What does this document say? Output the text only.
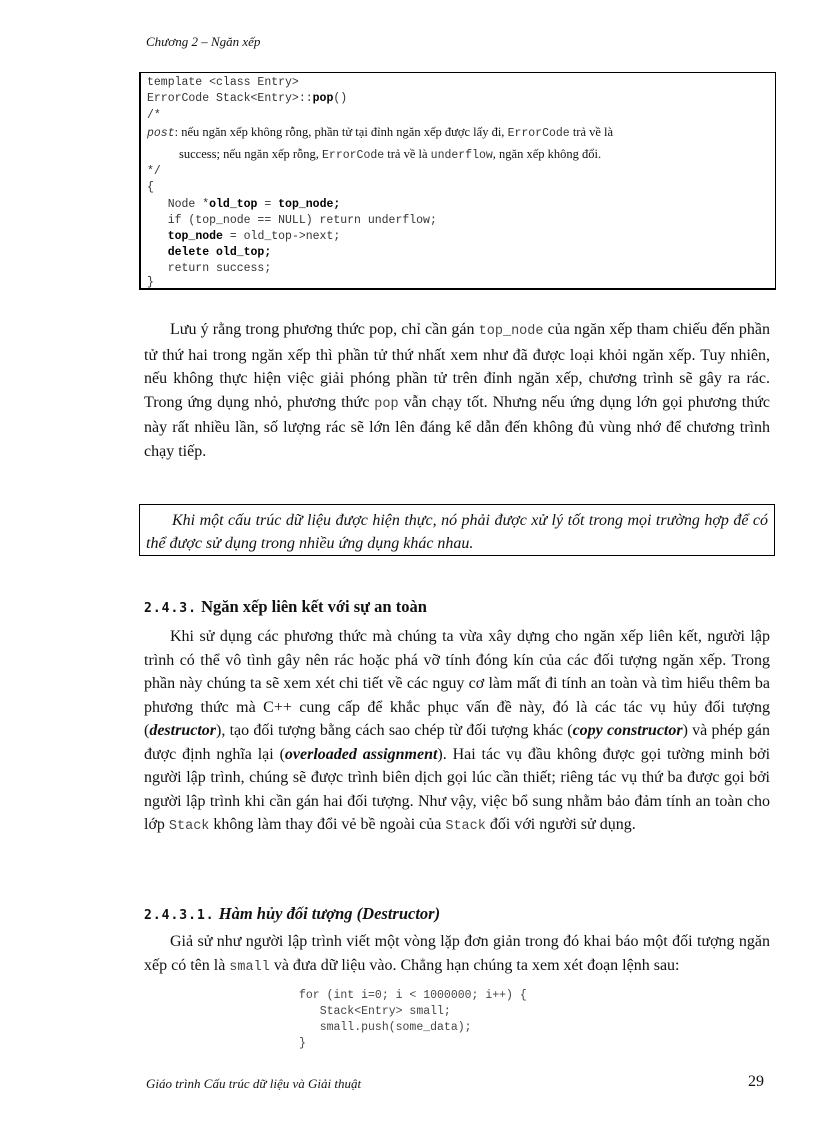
Chương 2 – Ngăn xếp
template <class Entry>
ErrorCode Stack<Entry>::pop()
/*
post: nếu ngăn xếp không rỗng, phần tử tại đỉnh ngăn xếp được lấy đi, ErrorCode trả về là
success; nếu ngăn xếp rỗng, ErrorCode trả về là underflow, ngăn xếp không đổi.
*/
{
Node *old_top = top_node;
if (top_node == NULL) return underflow;
top_node = old_top->next;
delete old_top;
return success;
}
Lưu ý rằng trong phương thức pop, chỉ cần gán top_node của ngăn xếp tham chiếu đến phần tử thứ hai trong ngăn xếp thì phần tử thứ nhất xem như đã được loại khỏi ngăn xếp. Tuy nhiên, nếu không thực hiện việc giải phóng phần tử trên đỉnh ngăn xếp, chương trình sẽ gây ra rác. Trong ứng dụng nhỏ, phương thức pop vẫn chạy tốt. Nhưng nếu ứng dụng lớn gọi phương thức này rất nhiều lần, số lượng rác sẽ lớn lên đáng kể dẫn đến không đủ vùng nhớ để chương trình chạy tiếp.
Khi một cấu trúc dữ liệu được hiện thực, nó phải được xử lý tốt trong mọi trường hợp để có thể được sử dụng trong nhiều ứng dụng khác nhau.
2.4.3. Ngăn xếp liên kết với sự an toàn
Khi sử dụng các phương thức mà chúng ta vừa xây dựng cho ngăn xếp liên kết, người lập trình có thể vô tình gây nên rác hoặc phá vỡ tính đóng kín của các đối tượng ngăn xếp. Trong phần này chúng ta sẽ xem xét chi tiết về các nguy cơ làm mất đi tính an toàn và tìm hiểu thêm ba phương thức mà C++ cung cấp để khắc phục vấn đề này, đó là các tác vụ hủy đối tượng (destructor), tạo đối tượng bằng cách sao chép từ đối tượng khác (copy constructor) và phép gán được định nghĩa lại (overloaded assignment). Hai tác vụ đầu không được gọi tường minh bởi người lập trình, chúng sẽ được trình biên dịch gọi lúc cần thiết; riêng tác vụ thứ ba được gọi bởi người lập trình khi cần gán hai đối tượng. Như vậy, việc bổ sung nhằm bảo đảm tính an toàn cho lớp Stack không làm thay đổi vẻ bề ngoài của Stack đối với người sử dụng.
2.4.3.1. Hàm hủy đối tượng (Destructor)
Giả sử như người lập trình viết một vòng lặp đơn giản trong đó khai báo một đối tượng ngăn xếp có tên là small và đưa dữ liệu vào. Chẳng hạn chúng ta xem xét đoạn lệnh sau:
for (int i=0; i < 1000000; i++) {
Stack<Entry> small;
small.push(some_data);
}
Giáo trình Cấu trúc dữ liệu và Giải thuật	29
